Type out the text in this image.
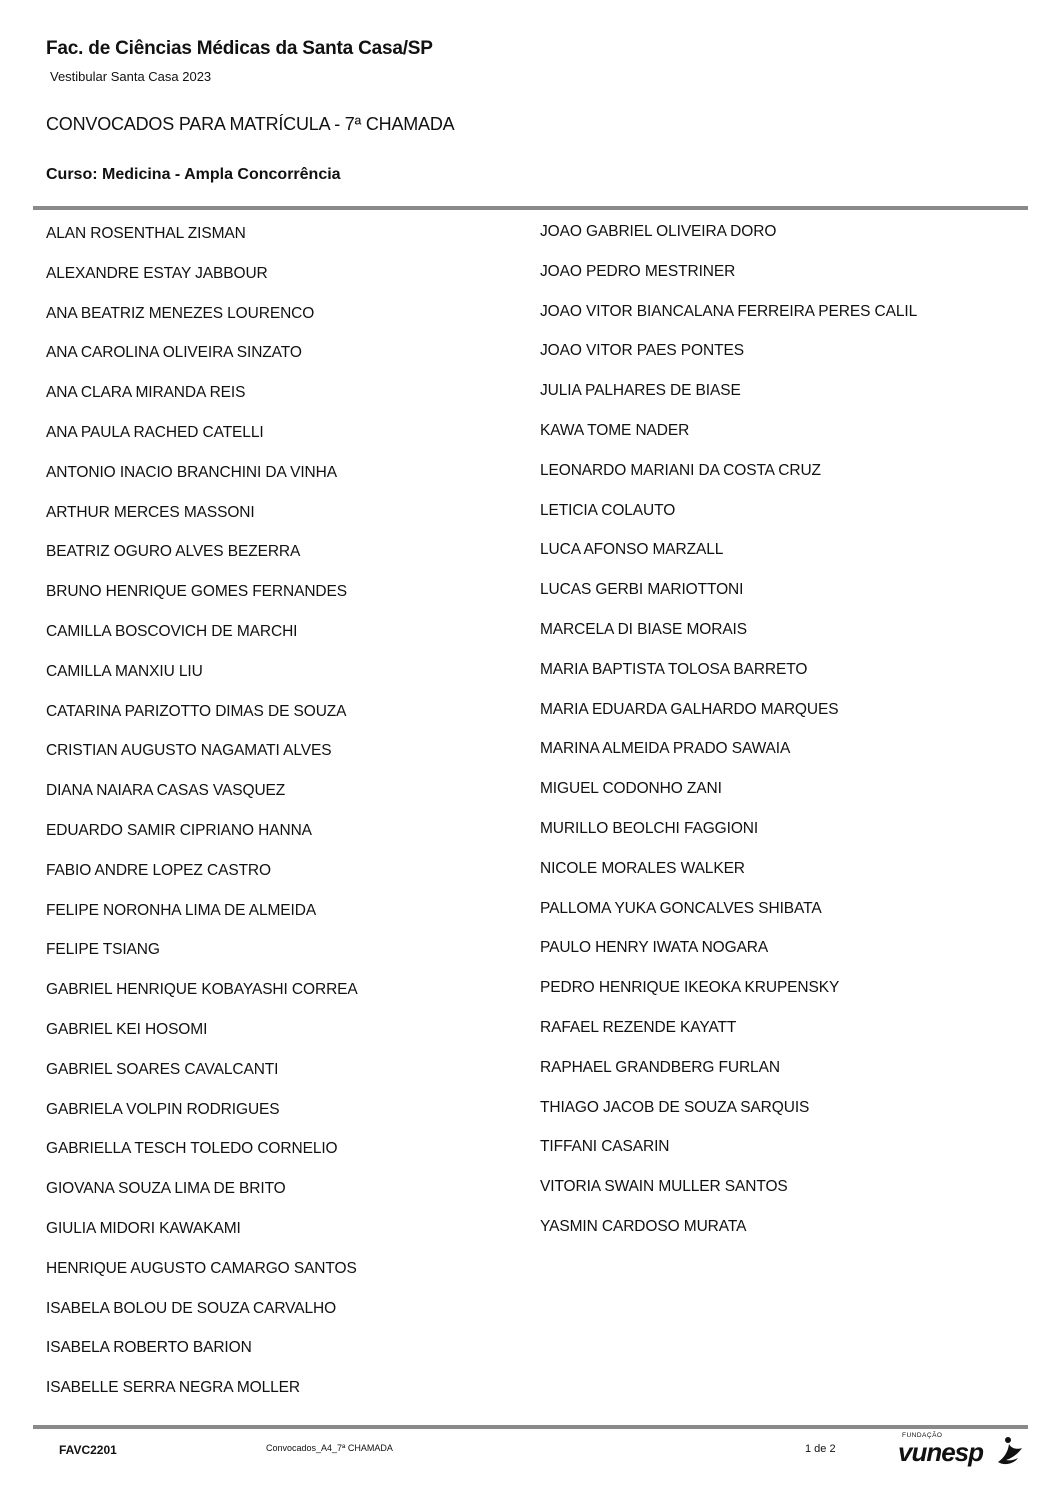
Fac. de Ciências Médicas da Santa Casa/SP
Vestibular Santa Casa 2023
CONVOCADOS PARA MATRÍCULA - 7ª CHAMADA
Curso: Medicina - Ampla Concorrência
ALAN ROSENTHAL ZISMAN
ALEXANDRE ESTAY JABBOUR
ANA BEATRIZ MENEZES LOURENCO
ANA CAROLINA OLIVEIRA SINZATO
ANA CLARA MIRANDA REIS
ANA PAULA RACHED CATELLI
ANTONIO INACIO BRANCHINI DA VINHA
ARTHUR MERCES MASSONI
BEATRIZ OGURO ALVES BEZERRA
BRUNO HENRIQUE GOMES FERNANDES
CAMILLA BOSCOVICH DE MARCHI
CAMILLA MANXIU LIU
CATARINA PARIZOTTO DIMAS DE SOUZA
CRISTIAN AUGUSTO NAGAMATI ALVES
DIANA NAIARA CASAS VASQUEZ
EDUARDO SAMIR CIPRIANO HANNA
FABIO ANDRE LOPEZ CASTRO
FELIPE NORONHA LIMA DE ALMEIDA
FELIPE TSIANG
GABRIEL HENRIQUE KOBAYASHI CORREA
GABRIEL KEI HOSOMI
GABRIEL SOARES CAVALCANTI
GABRIELA VOLPIN RODRIGUES
GABRIELLA TESCH TOLEDO CORNELIO
GIOVANA SOUZA LIMA DE BRITO
GIULIA MIDORI KAWAKAMI
HENRIQUE AUGUSTO CAMARGO SANTOS
ISABELA BOLOU DE SOUZA CARVALHO
ISABELA ROBERTO BARION
ISABELLE SERRA NEGRA MOLLER
JOAO GABRIEL OLIVEIRA DORO
JOAO PEDRO MESTRINER
JOAO VITOR BIANCALANA FERREIRA PERES CALIL
JOAO VITOR PAES PONTES
JULIA PALHARES DE BIASE
KAWA TOME NADER
LEONARDO MARIANI DA COSTA CRUZ
LETICIA COLAUTO
LUCA AFONSO MARZALL
LUCAS GERBI MARIOTTONI
MARCELA DI BIASE MORAIS
MARIA BAPTISTA TOLOSA BARRETO
MARIA EDUARDA GALHARDO MARQUES
MARINA ALMEIDA PRADO SAWAIA
MIGUEL CODONHO ZANI
MURILLO BEOLCHI FAGGIONI
NICOLE MORALES WALKER
PALLOMA YUKA GONCALVES SHIBATA
PAULO HENRY IWATA NOGARA
PEDRO HENRIQUE IKEOKA KRUPENSKY
RAFAEL REZENDE KAYATT
RAPHAEL GRANDBERG FURLAN
THIAGO JACOB DE SOUZA SARQUIS
TIFFANI CASARIN
VITORIA SWAIN MULLER SANTOS
YASMIN CARDOSO MURATA
FAVC2201	Convocados_A4_7ª CHAMADA	1 de 2
FUNDAÇÃO
vunesp
